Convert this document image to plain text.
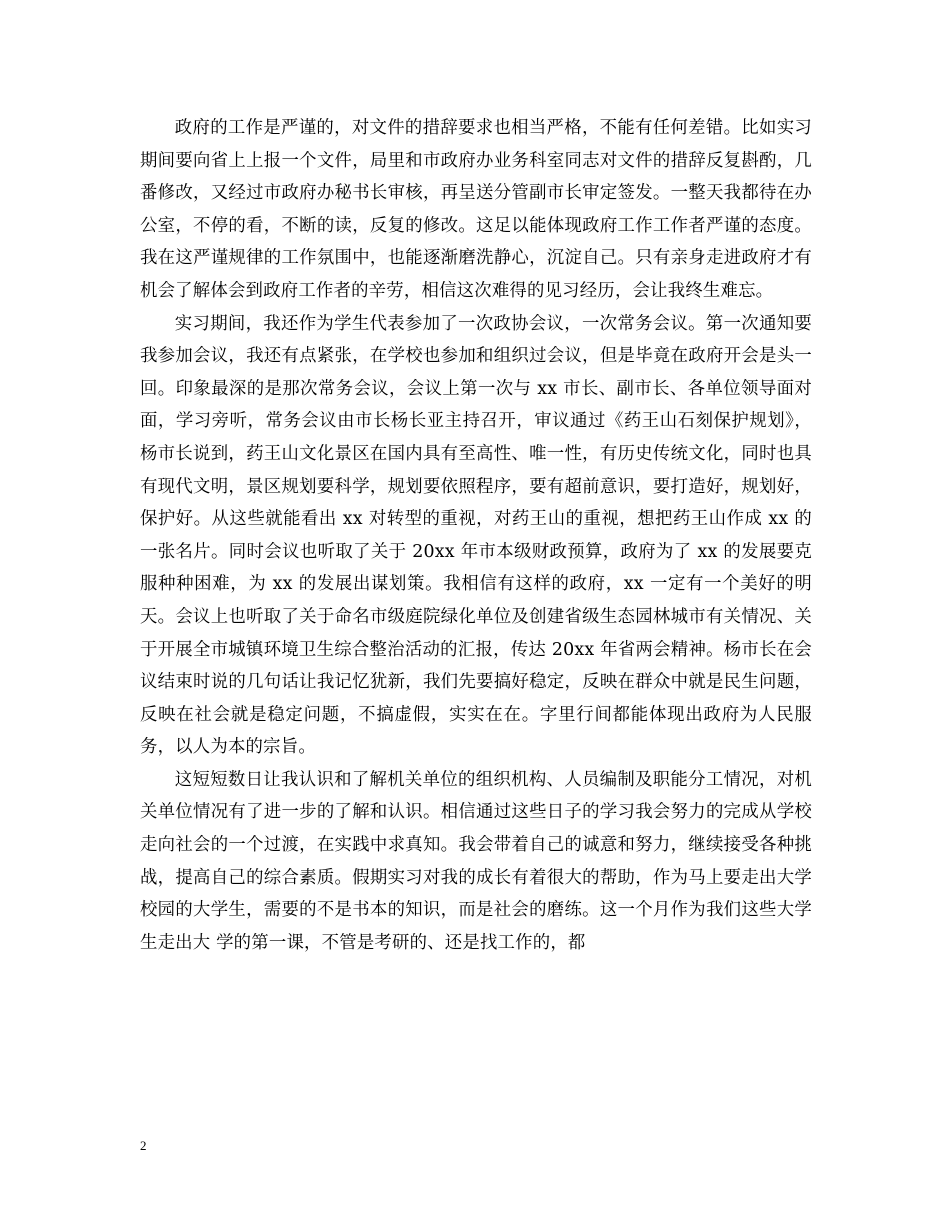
政府的工作是严谨的，对文件的措辞要求也相当严格，不能有任何差错。比如实习期间要向省上上报一个文件，局里和市政府办业务科室同志对文件的措辞反复斟酌，几番修改，又经过市政府办秘书长审核，再呈送分管副市长审定签发。一整天我都待在办公室，不停的看，不断的读，反复的修改。这足以能体现政府工作工作者严谨的态度。我在这严谨规律的工作氛围中，也能逐渐磨洗静心，沉淀自己。只有亲身走进政府才有机会了解体会到政府工作者的辛劳，相信这次难得的见习经历，会让我终生难忘。

实习期间，我还作为学生代表参加了一次政协会议，一次常务会议。第一次通知要我参加会议，我还有点紧张，在学校也参加和组织过会议，但是毕竟在政府开会是头一回。印象最深的是那次常务会议，会议上第一次与 xx 市长、副市长、各单位领导面对面，学习旁听，常务会议由市长杨长亚主持召开，审议通过《药王山石刻保护规划》，杨市长说到，药王山文化景区在国内具有至高性、唯一性，有历史传统文化，同时也具有现代文明，景区规划要科学，规划要依照程序，要有超前意识，要打造好，规划好，保护好。从这些就能看出 xx 对转型的重视，对药王山的重视，想把药王山作成 xx 的一张名片。同时会议也听取了关于 20xx 年市本级财政预算，政府为了 xx 的发展要克服种种困难，为 xx 的发展出谋划策。我相信有这样的政府，xx 一定有一个美好的明天。会议上也听取了关于命名市级庭院绿化单位及创建省级生态园林城市有关情况、关于开展全市城镇环境卫生综合整治活动的汇报，传达 20xx 年省两会精神。杨市长在会议结束时说的几句话让我记忆犹新，我们先要搞好稳定，反映在群众中就是民生问题，反映在社会就是稳定问题，不搞虚假，实实在在。字里行间都能体现出政府为人民服务，以人为本的宗旨。

这短短数日让我认识和了解机关单位的组织机构、人员编制及职能分工情况，对机关单位情况有了进一步的了解和认识。相信通过这些日子的学习我会努力的完成从学校走向社会的一个过渡，在实践中求真知。我会带着自己的诚意和努力，继续接受各种挑战，提高自己的综合素质。假期实习对我的成长有着很大的帮助，作为马上要走出大学校园的大学生，需要的不是书本的知识，而是社会的磨练。这一个月作为我们这些大学生走出大 学的第一课，不管是考研的、还是找工作的，都

2
